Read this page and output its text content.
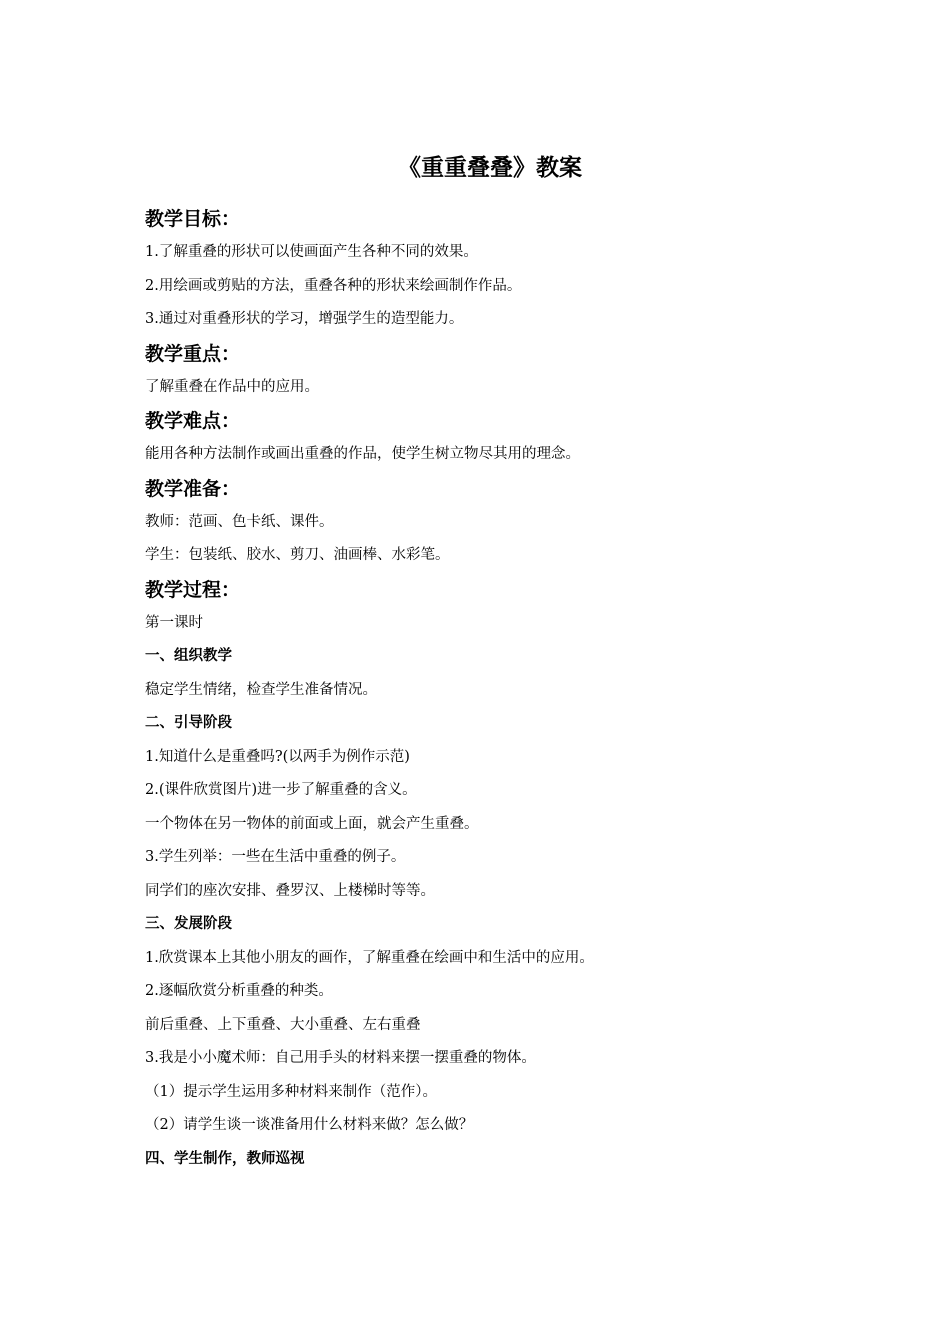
《重重叠叠》教案
教学目标：
1.了解重叠的形状可以使画面产生各种不同的效果。
2.用绘画或剪贴的方法，重叠各种的形状来绘画制作作品。
3.通过对重叠形状的学习，增强学生的造型能力。
教学重点：
了解重叠在作品中的应用。
教学难点：
能用各种方法制作或画出重叠的作品，使学生树立物尽其用的理念。
教学准备：
教师：范画、色卡纸、课件。
学生：包装纸、胶水、剪刀、油画棒、水彩笔。
教学过程：
第一课时
一、组织教学
稳定学生情绪，检查学生准备情况。
二、引导阶段
1.知道什么是重叠吗?(以两手为例作示范)
2.(课件欣赏图片)进一步了解重叠的含义。
一个物体在另一物体的前面或上面，就会产生重叠。
3.学生列举：一些在生活中重叠的例子。
同学们的座次安排、叠罗汉、上楼梯时等等。
三、发展阶段
1.欣赏课本上其他小朋友的画作，了解重叠在绘画中和生活中的应用。
2.逐幅欣赏分析重叠的种类。
前后重叠、上下重叠、大小重叠、左右重叠
3.我是小小魔术师：自己用手头的材料来摆一摆重叠的物体。
（1）提示学生运用多种材料来制作（范作）。
（2）请学生谈一谈准备用什么材料来做？怎么做？
四、学生制作，教师巡视
